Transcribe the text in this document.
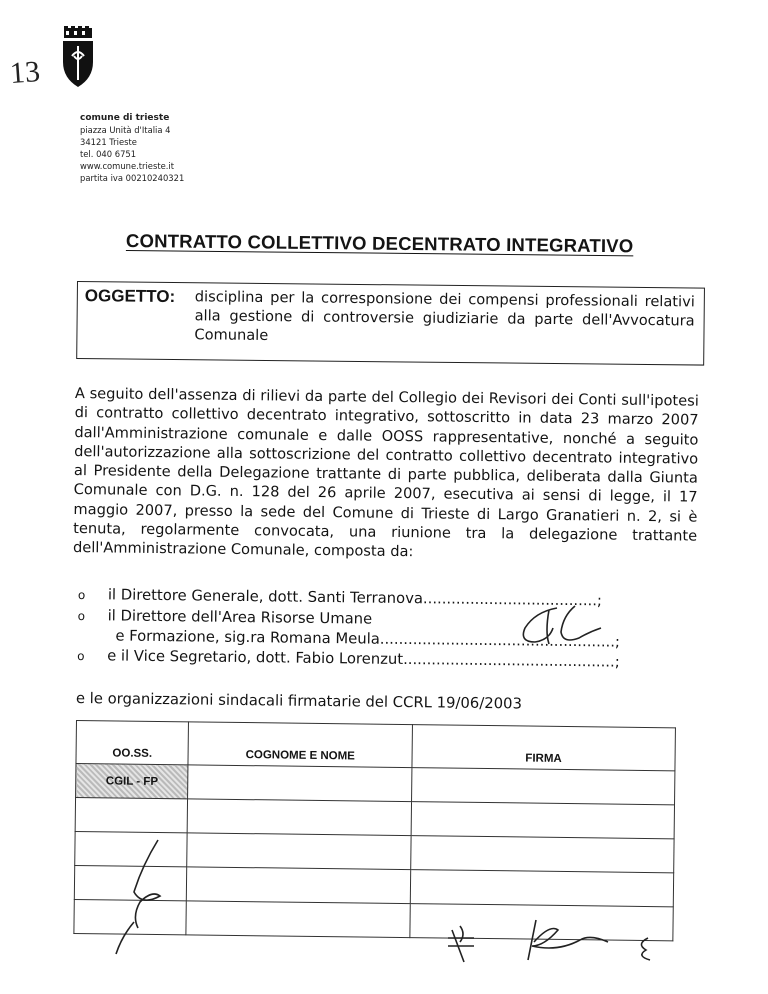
13
comune di trieste
piazza Unità d'Italia 4
34121 Trieste
tel. 040 6751
www.comune.trieste.it
partita iva 00210240321
CONTRATTO COLLETTIVO DECENTRATO INTEGRATIVO
OGGETTO: disciplina per la corresponsione dei compensi professionali relativi alla gestione di controversie giudiziarie da parte dell'Avvocatura Comunale
A seguito dell'assenza di rilievi da parte del Collegio dei Revisori dei Conti sull'ipotesi di contratto collettivo decentrato integrativo, sottoscritto in data 23 marzo 2007 dall'Amministrazione comunale e dalle OOSS rappresentative, nonché a seguito dell'autorizzazione alla sottoscrizione del contratto collettivo decentrato integrativo al Presidente della Delegazione trattante di parte pubblica, deliberata dalla Giunta Comunale con D.G. n. 128 del 26 aprile 2007, esecutiva ai sensi di legge, il 17 maggio 2007, presso la sede del Comune di Trieste di Largo Granatieri n. 2, si è tenuta, regolarmente convocata, una riunione tra la delegazione trattante dell'Amministrazione Comunale, composta da:
o il Direttore Generale, dott. Santi Terranova.....................................;
o il Direttore dell'Area Risorse Umane
e Formazione, sig.ra Romana Meula..................................................;
o e il Vice Segretario, dott. Fabio Lorenzut.............................................;
e le organizzazioni sindacali firmatarie del CCRL 19/06/2003
OO.SS.	COGNOME E NOME	FIRMA
CGIL - FP		
